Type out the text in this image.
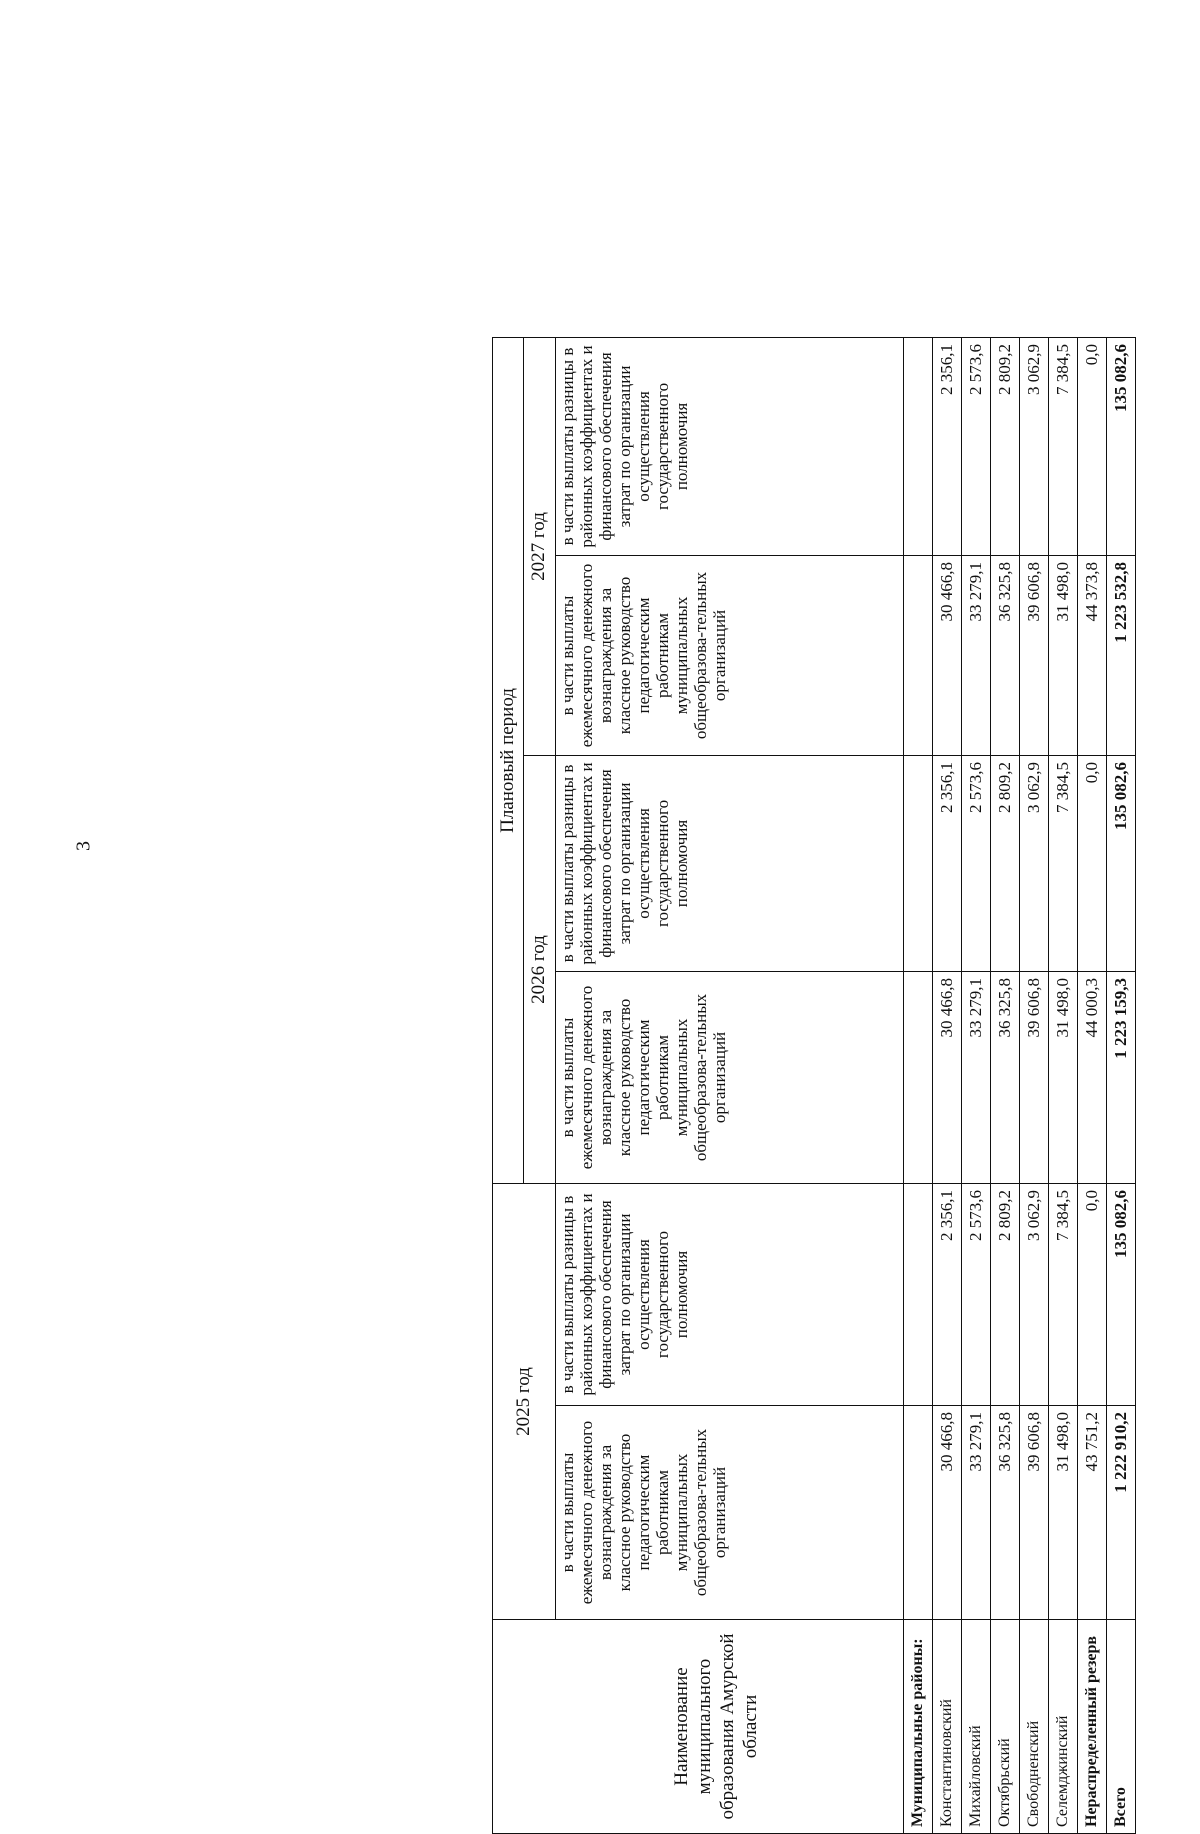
3
Наименование муниципального образования Амурской области	2025 год		Плановый период			
			2026 год		2027 год	
	в части выплаты ежемесячного денежного вознаграждения за классное руководство педагогическим работникам муниципальных общеобразова-тельных организаций	в части выплаты разницы в районных коэффициентах и финансового обеспечения затрат по организации осуществления государственного полномочия	в части выплаты ежемесячного денежного вознаграждения за классное руководство педагогическим работникам муниципальных общеобразова-тельных организаций	в части выплаты разницы в районных коэффициентах и финансового обеспечения затрат по организации осуществления государственного полномочия	в части выплаты ежемесячного денежного вознаграждения за классное руководство педагогическим работникам муниципальных общеобразова-тельных организаций	в части выплаты разницы в районных коэффициентах и финансового обеспечения затрат по организации осуществления государственного полномочия
Муниципальные районы:						
Константиновский	30 466,8	2 356,1	30 466,8	2 356,1	30 466,8	2 356,1
Михайловский	33 279,1	2 573,6	33 279,1	2 573,6	33 279,1	2 573,6
Октябрьский	36 325,8	2 809,2	36 325,8	2 809,2	36 325,8	2 809,2
Свободненский	39 606,8	3 062,9	39 606,8	3 062,9	39 606,8	3 062,9
Селемджинский	31 498,0	7 384,5	31 498,0	7 384,5	31 498,0	7 384,5
Нераспределенный резерв	43 751,2	0,0	44 000,3	0,0	44 373,8	0,0
Всего	1 222 910,2	135 082,6	1 223 159,3	135 082,6	1 223 532,8	135 082,6
